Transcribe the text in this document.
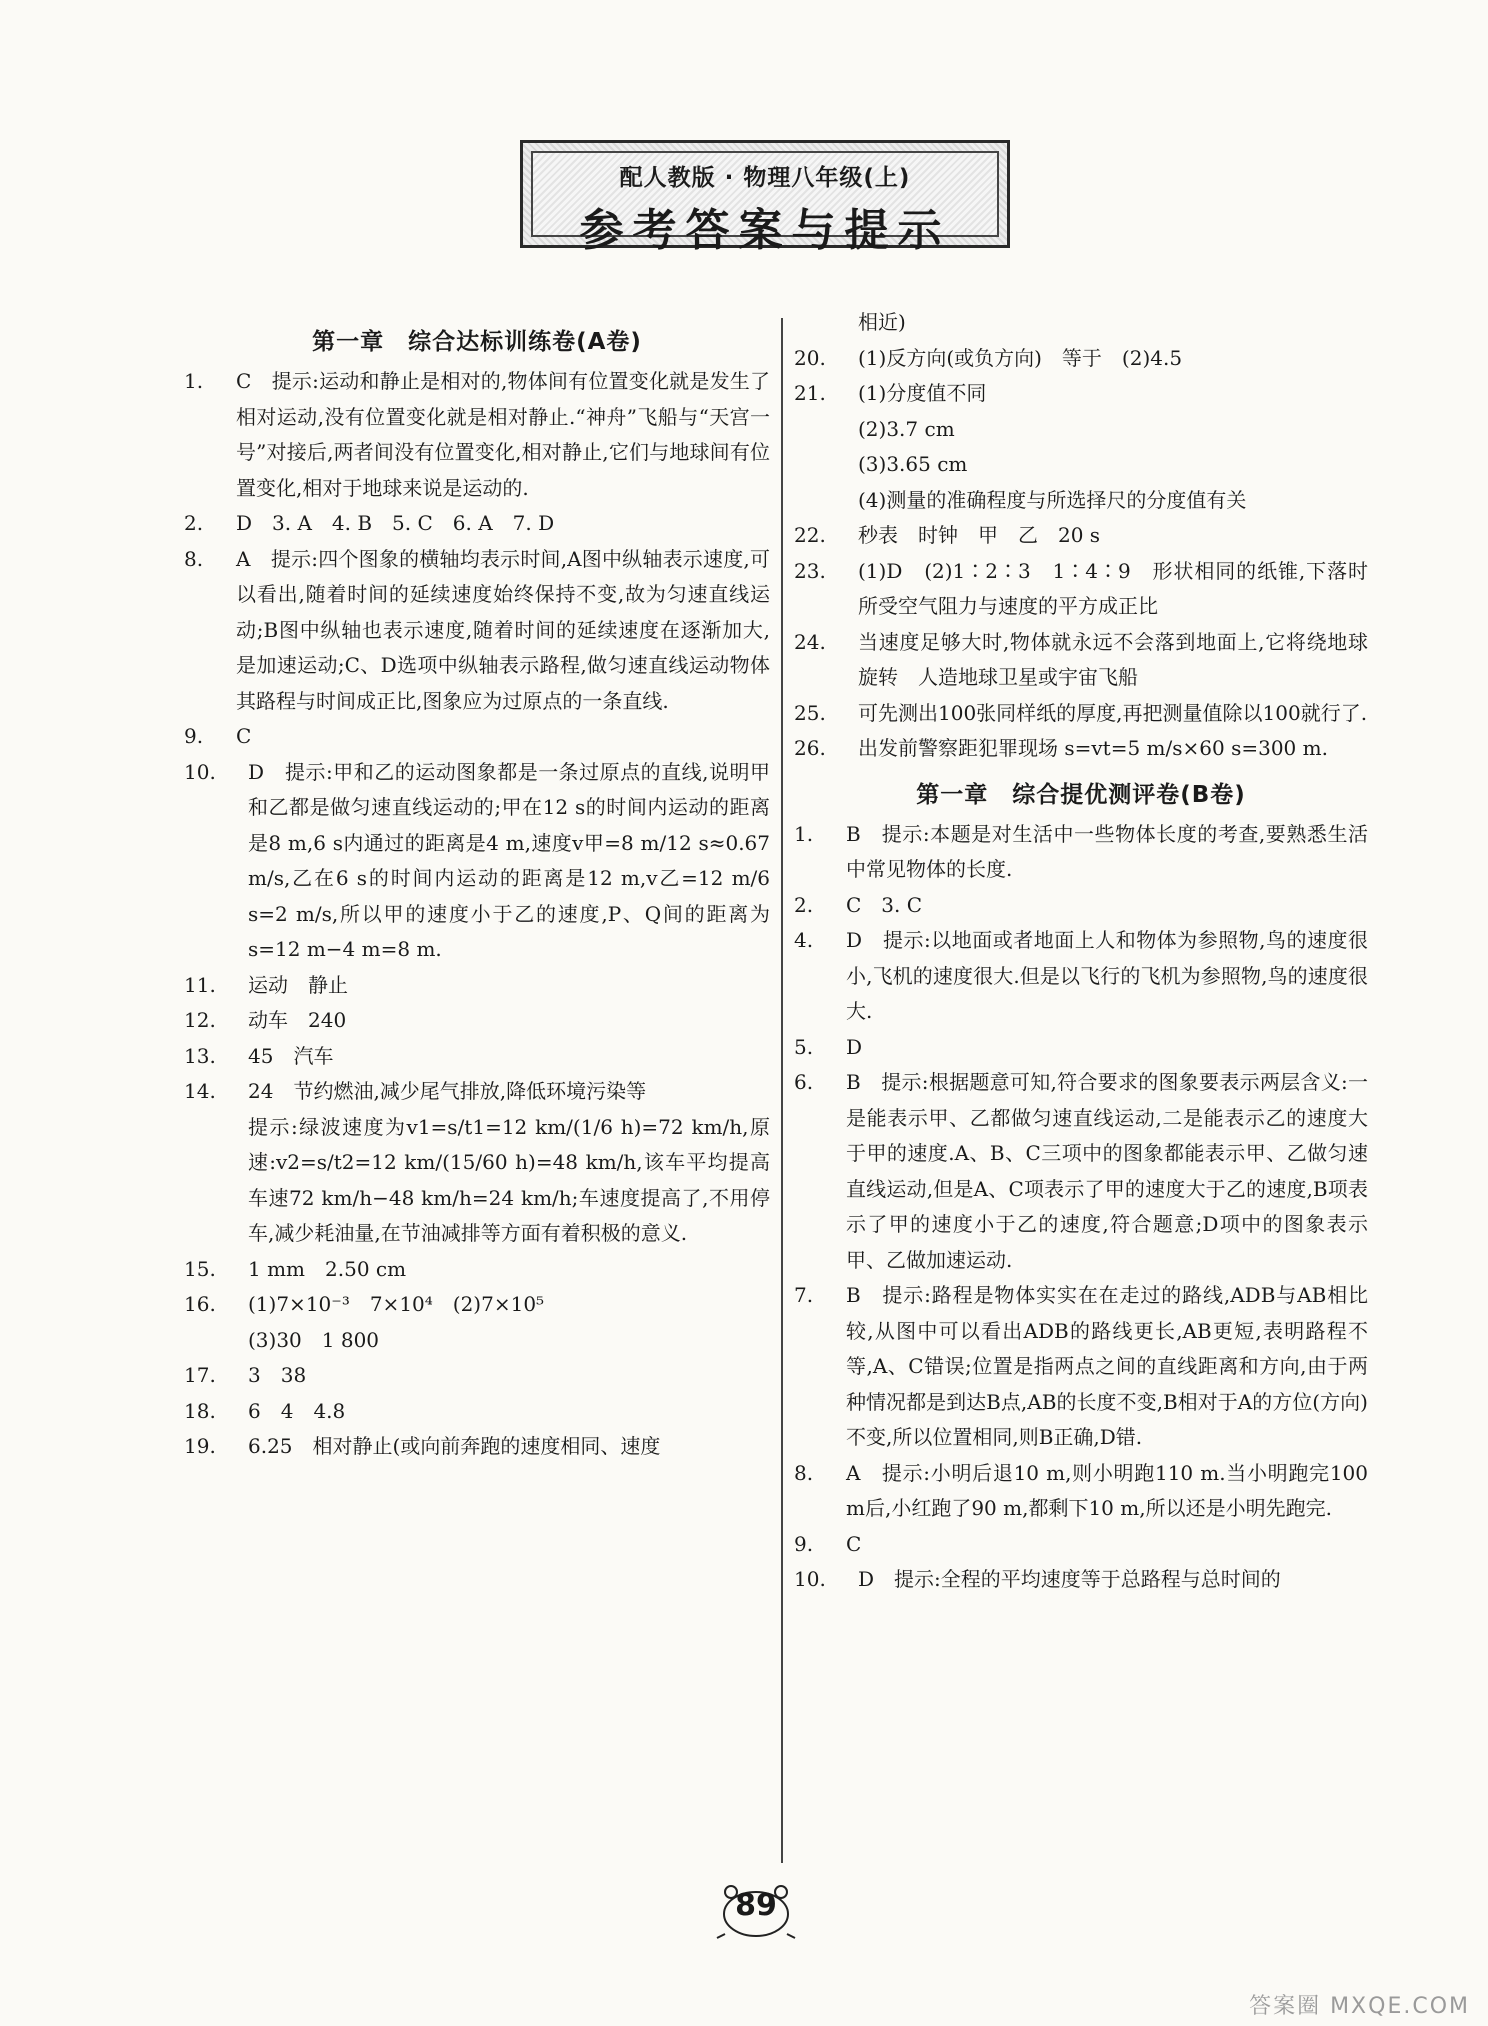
配人教版 · 物理八年级(上)
参考答案与提示
第一章　综合达标训练卷(A卷)
1. C　提示:运动和静止是相对的,物体间有位置变化就是发生了相对运动,没有位置变化就是相对静止.“神舟”飞船与“天宫一号”对接后,两者间没有位置变化,相对静止,它们与地球间有位置变化,相对于地球来说是运动的.
2. D　3. A　4. B　5. C　6. A　7. D
8. A　提示:四个图象的横轴均表示时间,A图中纵轴表示速度,可以看出,随着时间的延续速度始终保持不变,故为匀速直线运动;B图中纵轴也表示速度,随着时间的延续速度在逐渐加大,是加速运动;C、D选项中纵轴表示路程,做匀速直线运动物体其路程与时间成正比,图象应为过原点的一条直线.
9. C
10. D　提示:甲和乙的运动图象都是一条过原点的直线,说明甲和乙都是做匀速直线运动的;甲在12 s的时间内运动的距离是8 m,6 s内通过的距离是4 m,速度v甲=8 m/12 s≈0.67 m/s,乙在6 s的时间内运动的距离是12 m,v乙=12 m/6 s=2 m/s,所以甲的速度小于乙的速度,P、Q间的距离为s=12 m−4 m=8 m.
11. 运动　静止
12. 动车　240
13. 45　汽车
14. 24　节约燃油,减少尾气排放,降低环境污染等
提示:绿波速度为v1=s/t1=12 km/(1/6 h)=72 km/h,原速:v2=s/t2=12 km/(15/60 h)=48 km/h,该车平均提高车速72 km/h−48 km/h=24 km/h;车速度提高了,不用停车,减少耗油量,在节油减排等方面有着积极的意义.
15. 1 mm　2.50 cm
16. (1)7×10⁻³　7×10⁴　(2)7×10⁵
(3)30　1 800
17. 3　38
18. 6　4　4.8
19. 6.25　相对静止(或向前奔跑的速度相同、速度
相近)
20. (1)反方向(或负方向)　等于　(2)4.5
21. (1)分度值不同
(2)3.7 cm
(3)3.65 cm
(4)测量的准确程度与所选择尺的分度值有关
22. 秒表　时钟　甲　乙　20 s
23. (1)D　(2)1∶2∶3　1∶4∶9　形状相同的纸锥,下落时所受空气阻力与速度的平方成正比
24. 当速度足够大时,物体就永远不会落到地面上,它将绕地球旋转　人造地球卫星或宇宙飞船
25. 可先测出100张同样纸的厚度,再把测量值除以100就行了.
26. 出发前警察距犯罪现场 s=vt=5 m/s×60 s=300 m.
第一章　综合提优测评卷(B卷)
1. B　提示:本题是对生活中一些物体长度的考查,要熟悉生活中常见物体的长度.
2. C　3. C
4. D　提示:以地面或者地面上人和物体为参照物,鸟的速度很小,飞机的速度很大.但是以飞行的飞机为参照物,鸟的速度很大.
5. D
6. B　提示:根据题意可知,符合要求的图象要表示两层含义:一是能表示甲、乙都做匀速直线运动,二是能表示乙的速度大于甲的速度.A、B、C三项中的图象都能表示甲、乙做匀速直线运动,但是A、C项表示了甲的速度大于乙的速度,B项表示了甲的速度小于乙的速度,符合题意;D项中的图象表示甲、乙做加速运动.
7. B　提示:路程是物体实实在在走过的路线,ADB与AB相比较,从图中可以看出ADB的路线更长,AB更短,表明路程不等,A、C错误;位置是指两点之间的直线距离和方向,由于两种情况都是到达B点,AB的长度不变,B相对于A的方位(方向)不变,所以位置相同,则B正确,D错.
8. A　提示:小明后退10 m,则小明跑110 m.当小明跑完100 m后,小红跑了90 m,都剩下10 m,所以还是小明先跑完.
9. C
10. D　提示:全程的平均速度等于总路程与总时间的
89
答案圈 MXQE.COM
